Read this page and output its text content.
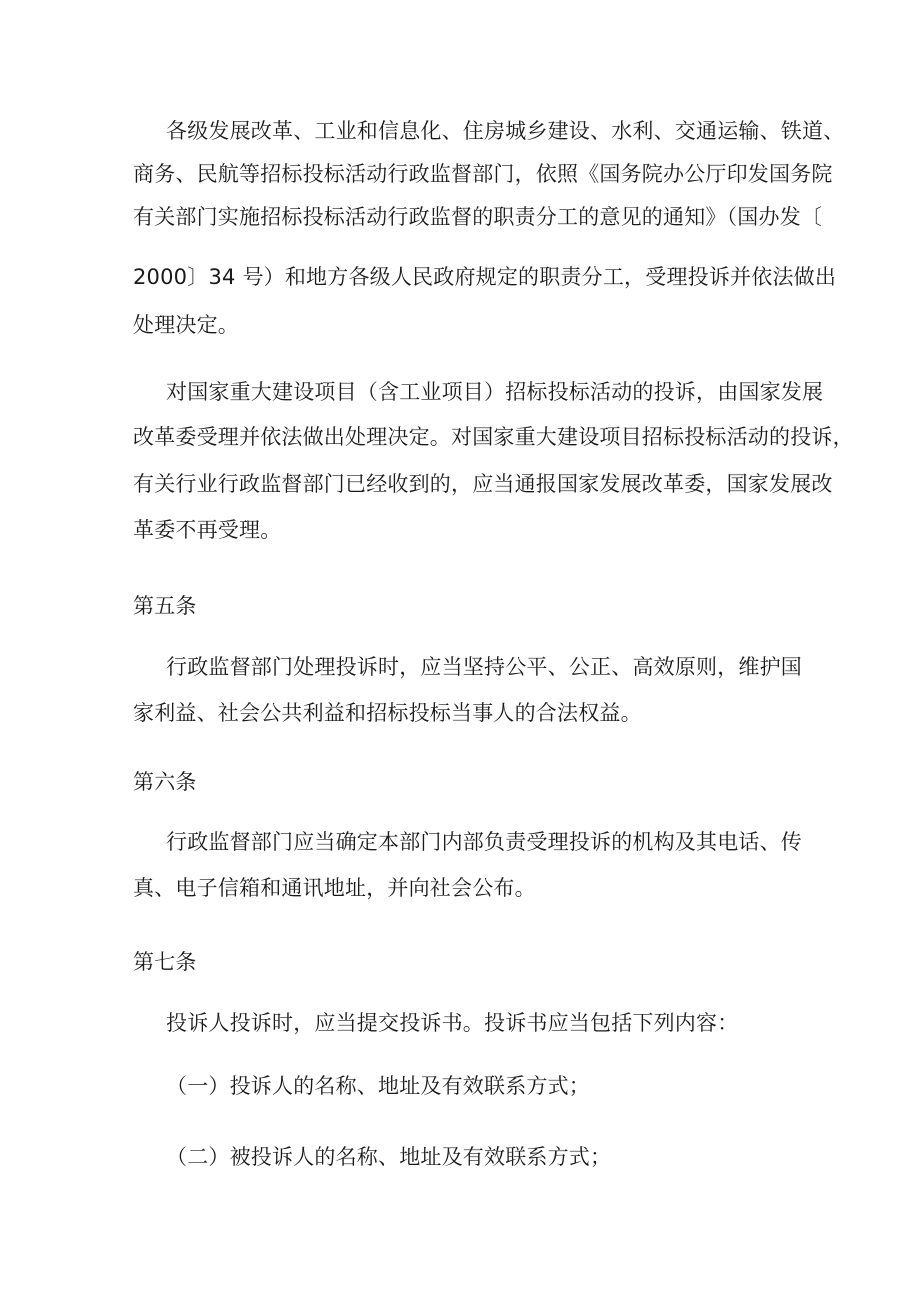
各级发展改革、工业和信息化、住房城乡建设、水利、交通运输、铁道、
商务、民航等招标投标活动行政监督部门，依照《国务院办公厅印发国务院
有关部门实施招标投标活动行政监督的职责分工的意见的通知》（国办发〔
2000〕34 号）和地方各级人民政府规定的职责分工，受理投诉并依法做出
处理决定。
对国家重大建设项目（含工业项目）招标投标活动的投诉，由国家发展
改革委受理并依法做出处理决定。对国家重大建设项目招标投标活动的投诉，
有关行业行政监督部门已经收到的，应当通报国家发展改革委，国家发展改
革委不再受理。
第五条
行政监督部门处理投诉时，应当坚持公平、公正、高效原则，维护国
家利益、社会公共利益和招标投标当事人的合法权益。
第六条
行政监督部门应当确定本部门内部负责受理投诉的机构及其电话、传
真、电子信箱和通讯地址，并向社会公布。
第七条
投诉人投诉时，应当提交投诉书。投诉书应当包括下列内容：
（一）投诉人的名称、地址及有效联系方式；
（二）被投诉人的名称、地址及有效联系方式；
